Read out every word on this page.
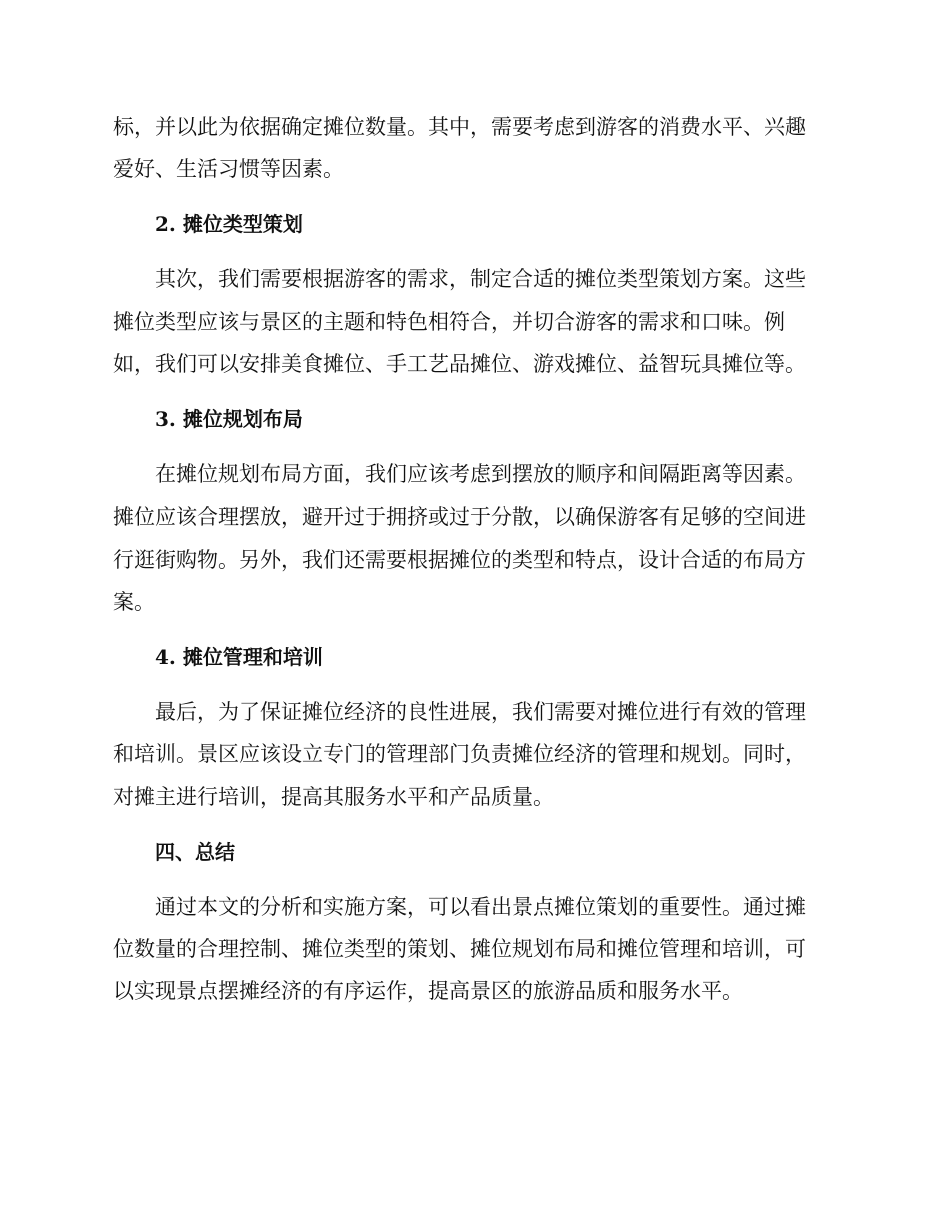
标，并以此为依据确定摊位数量。其中，需要考虑到游客的消费水平、兴趣
爱好、生活习惯等因素。
2. 摊位类型策划
其次，我们需要根据游客的需求，制定合适的摊位类型策划方案。这些
摊位类型应该与景区的主题和特色相符合，并切合游客的需求和口味。例
如，我们可以安排美食摊位、手工艺品摊位、游戏摊位、益智玩具摊位等。
3. 摊位规划布局
在摊位规划布局方面，我们应该考虑到摆放的顺序和间隔距离等因素。
摊位应该合理摆放，避开过于拥挤或过于分散，以确保游客有足够的空间进
行逛街购物。另外，我们还需要根据摊位的类型和特点，设计合适的布局方
案。
4. 摊位管理和培训
最后，为了保证摊位经济的良性进展，我们需要对摊位进行有效的管理
和培训。景区应该设立专门的管理部门负责摊位经济的管理和规划。同时，
对摊主进行培训，提高其服务水平和产品质量。
四、总结
通过本文的分析和实施方案，可以看出景点摊位策划的重要性。通过摊
位数量的合理控制、摊位类型的策划、摊位规划布局和摊位管理和培训，可
以实现景点摆摊经济的有序运作，提高景区的旅游品质和服务水平。
